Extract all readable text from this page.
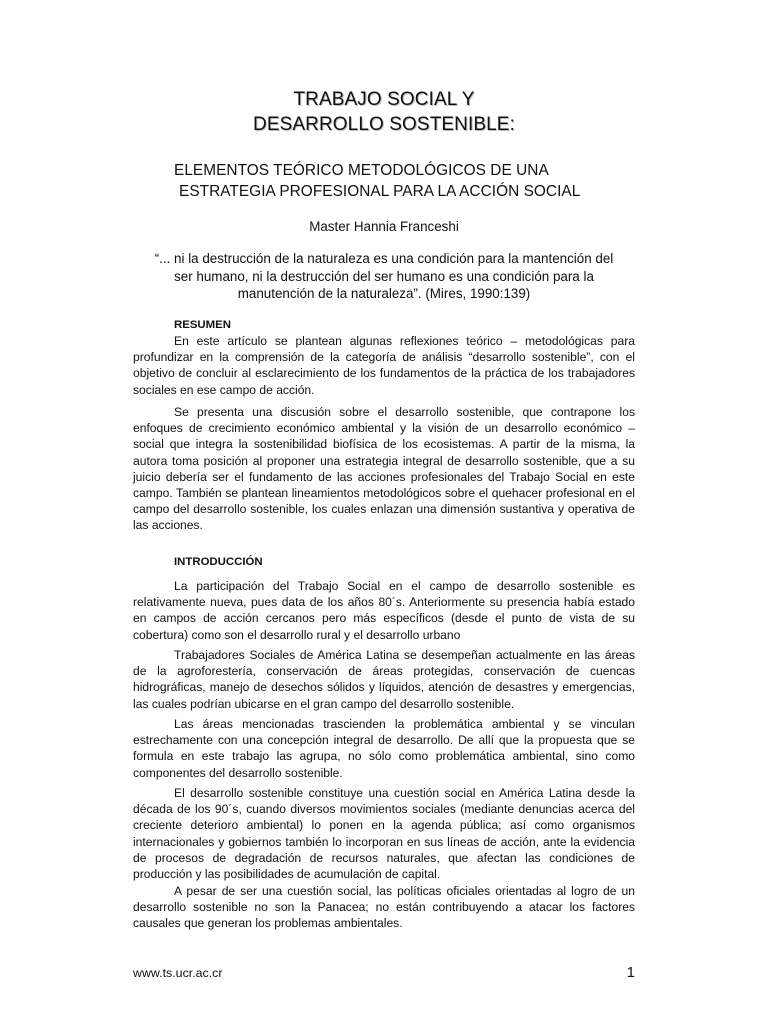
TRABAJO SOCIAL Y
DESARROLLO SOSTENIBLE:
ELEMENTOS TEÓRICO METODOLÓGICOS DE UNA
ESTRATEGIA PROFESIONAL PARA LA ACCIÓN SOCIAL
Master Hannia Franceshi
“... ni la destrucción de la naturaleza es una condición para la mantención del
ser humano, ni la destrucción del ser humano es una condición para la
manutención de la naturaleza”. (Mires, 1990:139)
RESUMEN

En este artículo se plantean algunas reflexiones teórico – metodológicas para profundizar en la comprensión de la categoría de análisis “desarrollo sostenible”, con el objetivo de concluir al esclarecimiento de los fundamentos de la práctica de los trabajadores sociales en ese campo de acción.

Se presenta una discusión sobre el desarrollo sostenible, que contrapone los enfoques de crecimiento económico ambiental y la visión de un desarrollo económico – social que integra la sostenibilidad biofísica de los ecosistemas. A partir de la misma, la autora toma posición al proponer una estrategia integral de desarrollo sostenible, que a su juicio debería ser el fundamento de las acciones profesionales del Trabajo Social en este campo. También se plantean lineamientos metodológicos sobre el quehacer profesional en el campo del desarrollo sostenible, los cuales enlazan una dimensión sustantiva y operativa de las acciones.

INTRODUCCIÓN

La participación del Trabajo Social en el campo de desarrollo sostenible es relativamente nueva, pues data de los años 80´s. Anteriormente su presencia había estado en campos de acción cercanos pero más específicos (desde el punto de vista de su cobertura) como son el desarrollo rural y el desarrollo urbano

Trabajadores Sociales de América Latina se desempeñan actualmente en las áreas de la agroforestería, conservación de áreas protegidas, conservación de cuencas hidrográficas, manejo de desechos sólidos y líquidos, atención de desastres y emergencias, las cuales podrían ubicarse en el gran campo del desarrollo sostenible.

Las áreas mencionadas trascienden la problemática ambiental y se vinculan estrechamente con una concepción integral de desarrollo. De allí que la propuesta que se formula en este trabajo las agrupa, no sólo como problemática ambiental, sino como componentes del desarrollo sostenible.

El desarrollo sostenible constituye una cuestión social en América Latina desde la década de los 90´s, cuando diversos movimientos sociales (mediante denuncias acerca del creciente deterioro ambiental) lo ponen en la agenda pública; así como organismos internacionales y gobiernos también lo incorporan en sus líneas de acción, ante la evidencia de procesos de degradación de recursos naturales, que afectan las condiciones de producción y las posibilidades de acumulación de capital.

A pesar de ser una cuestión social, las políticas oficiales orientadas al logro de un desarrollo sostenible no son la Panacea; no están contribuyendo a atacar los factores causales que generan los problemas ambientales.

www.ts.ucr.ac.cr	1
